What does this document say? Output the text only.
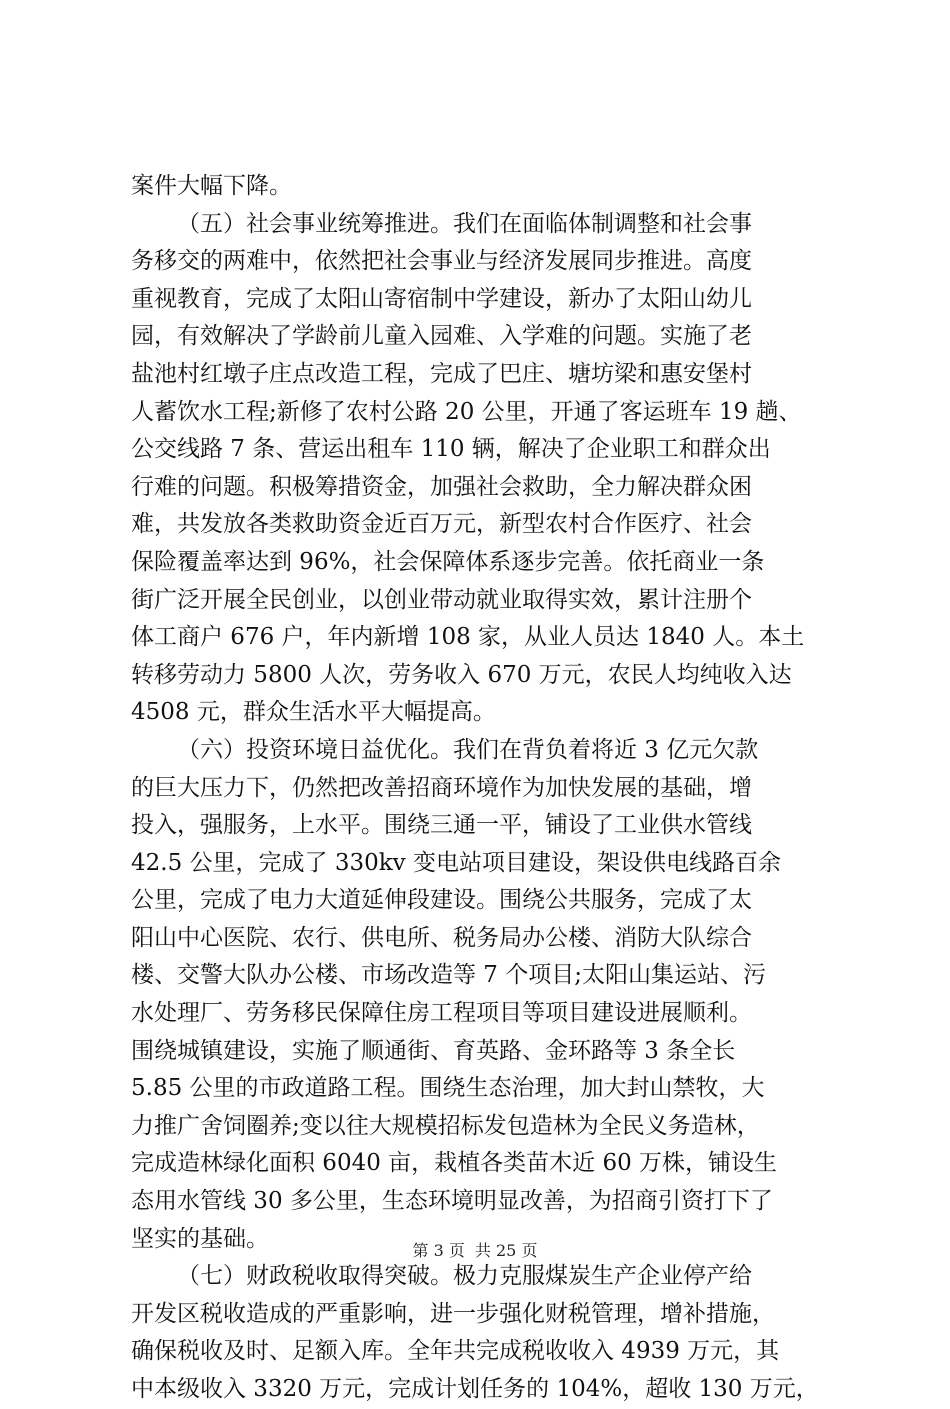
案件大幅下降。
（五）社会事业统筹推进。我们在面临体制调整和社会事
务移交的两难中，依然把社会事业与经济发展同步推进。高度
重视教育，完成了太阳山寄宿制中学建设，新办了太阳山幼儿
园，有效解决了学龄前儿童入园难、入学难的问题。实施了老
盐池村红墩子庄点改造工程，完成了巴庄、塘坊梁和惠安堡村
人蓄饮水工程;新修了农村公路 20 公里，开通了客运班车 19 趟、
公交线路 7 条、营运出租车 110 辆，解决了企业职工和群众出
行难的问题。积极筹措资金，加强社会救助，全力解决群众困
难，共发放各类救助资金近百万元，新型农村合作医疗、社会
保险覆盖率达到 96%，社会保障体系逐步完善。依托商业一条
街广泛开展全民创业，以创业带动就业取得实效，累计注册个
体工商户 676 户，年内新增 108 家，从业人员达 1840 人。本土
转移劳动力 5800 人次，劳务收入 670 万元，农民人均纯收入达
4508 元，群众生活水平大幅提高。
（六）投资环境日益优化。我们在背负着将近 3 亿元欠款
的巨大压力下，仍然把改善招商环境作为加快发展的基础，增
投入，强服务，上水平。围绕三通一平，铺设了工业供水管线
42.5 公里，完成了 330kv 变电站项目建设，架设供电线路百余
公里，完成了电力大道延伸段建设。围绕公共服务，完成了太
阳山中心医院、农行、供电所、税务局办公楼、消防大队综合
楼、交警大队办公楼、市场改造等 7 个项目;太阳山集运站、污
水处理厂、劳务移民保障住房工程项目等项目建设进展顺利。
围绕城镇建设，实施了顺通街、育英路、金环路等 3 条全长
5.85 公里的市政道路工程。围绕生态治理，加大封山禁牧，大
力推广舍饲圈养;变以往大规模招标发包造林为全民义务造林，
完成造林绿化面积 6040 亩，栽植各类苗木近 60 万株，铺设生
态用水管线 30 多公里，生态环境明显改善，为招商引资打下了
坚实的基础。
（七）财政税收取得突破。极力克服煤炭生产企业停产给
开发区税收造成的严重影响，进一步强化财税管理，增补措施，
确保税收及时、足额入库。全年共完成税收收入 4939 万元，其
中本级收入 3320 万元，完成计划任务的 104%，超收 130 万元，
第 3 页 共 25 页
